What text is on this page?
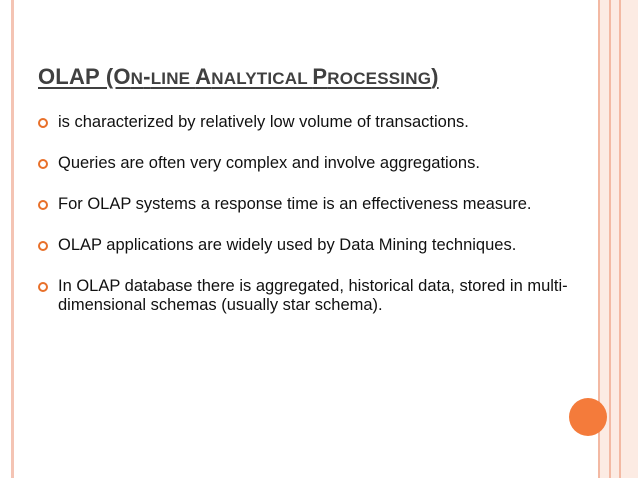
OLAP (ON-LINE ANALYTICAL PROCESSING)
is characterized by relatively low volume of transactions.
Queries are often very complex and involve aggregations.
For OLAP systems a response time is an effectiveness measure.
OLAP applications are widely used by Data Mining techniques.
In OLAP database there is aggregated, historical data, stored in multi-dimensional schemas (usually star schema).
